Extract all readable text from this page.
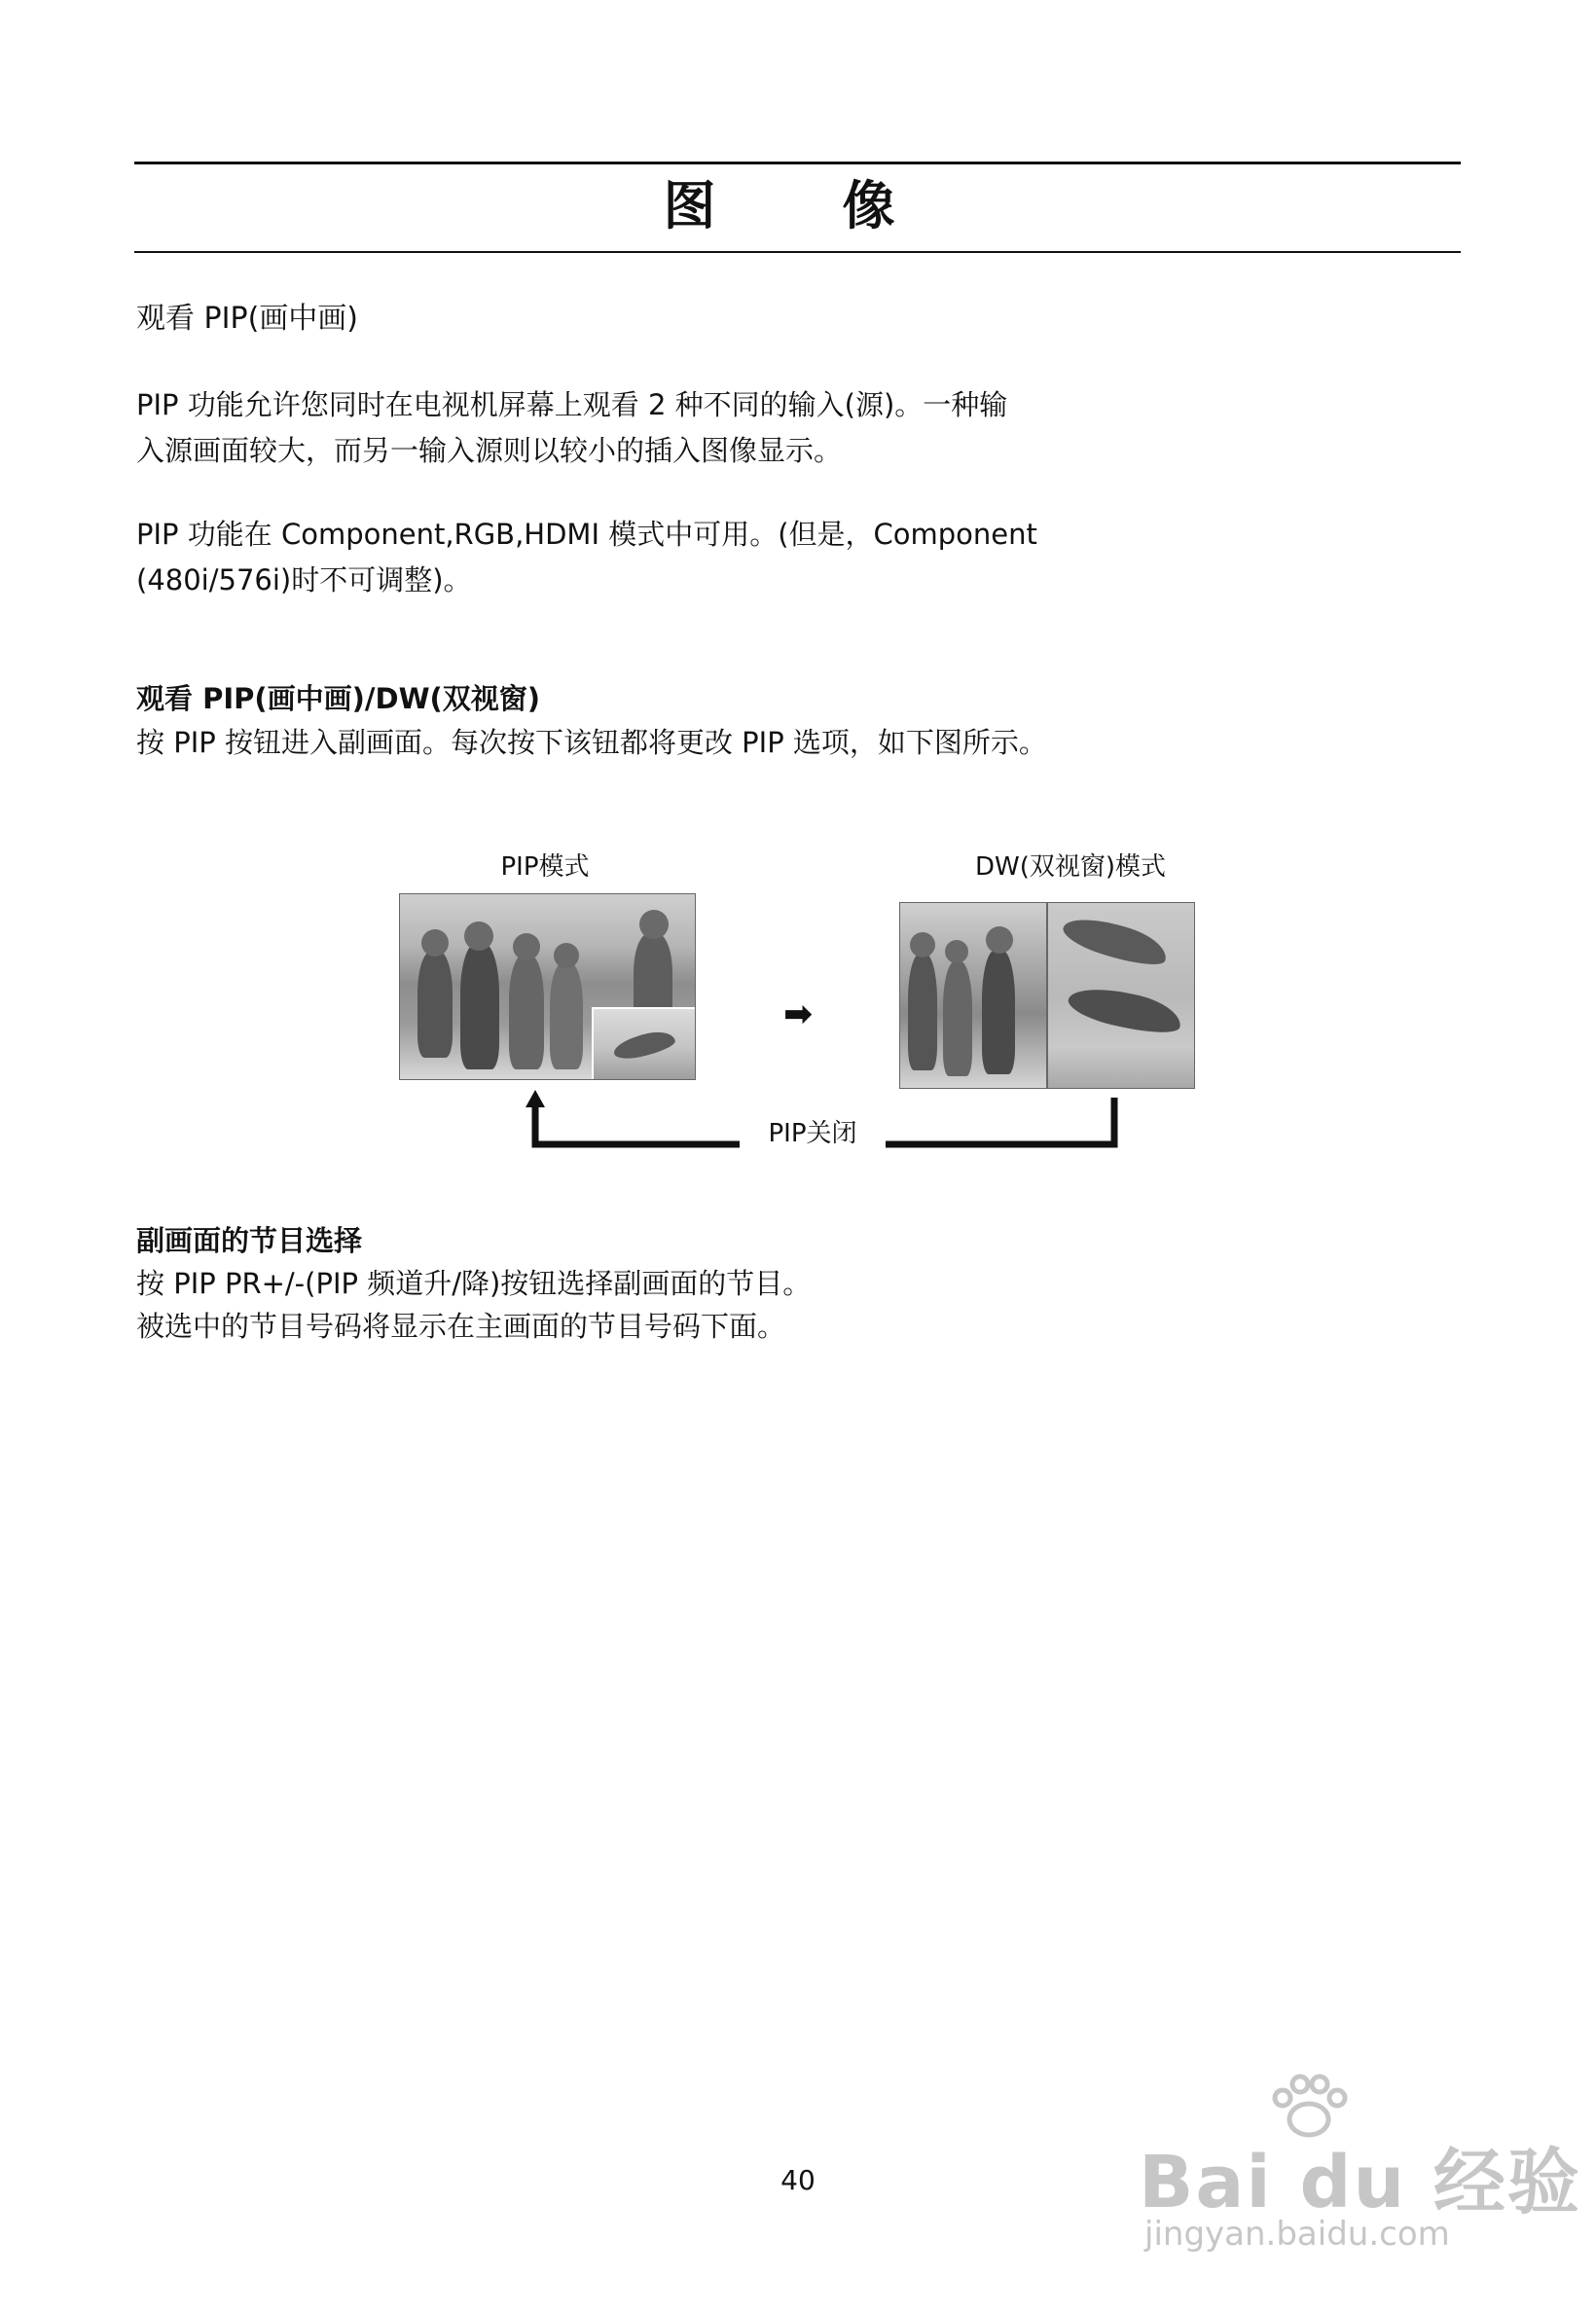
图　像
观看 PIP(画中画)
PIP 功能允许您同时在电视机屏幕上观看 2 种不同的输入(源)。一种输
入源画面较大，而另一输入源则以较小的插入图像显示。
PIP 功能在 Component,RGB,HDMI 模式中可用。(但是，Component
(480i/576i)时不可调整)。
观看 PIP(画中画)/DW(双视窗)
按 PIP 按钮进入副画面。每次按下该钮都将更改 PIP 选项，如下图所示。
PIP模式	DW(双视窗)模式
➡
PIP关闭
副画面的节目选择
按 PIP PR+/-(PIP 频道升/降)按钮选择副画面的节目。
被选中的节目号码将显示在主画面的节目号码下面。
40	Bai du 经验
jingyan.baidu.com
